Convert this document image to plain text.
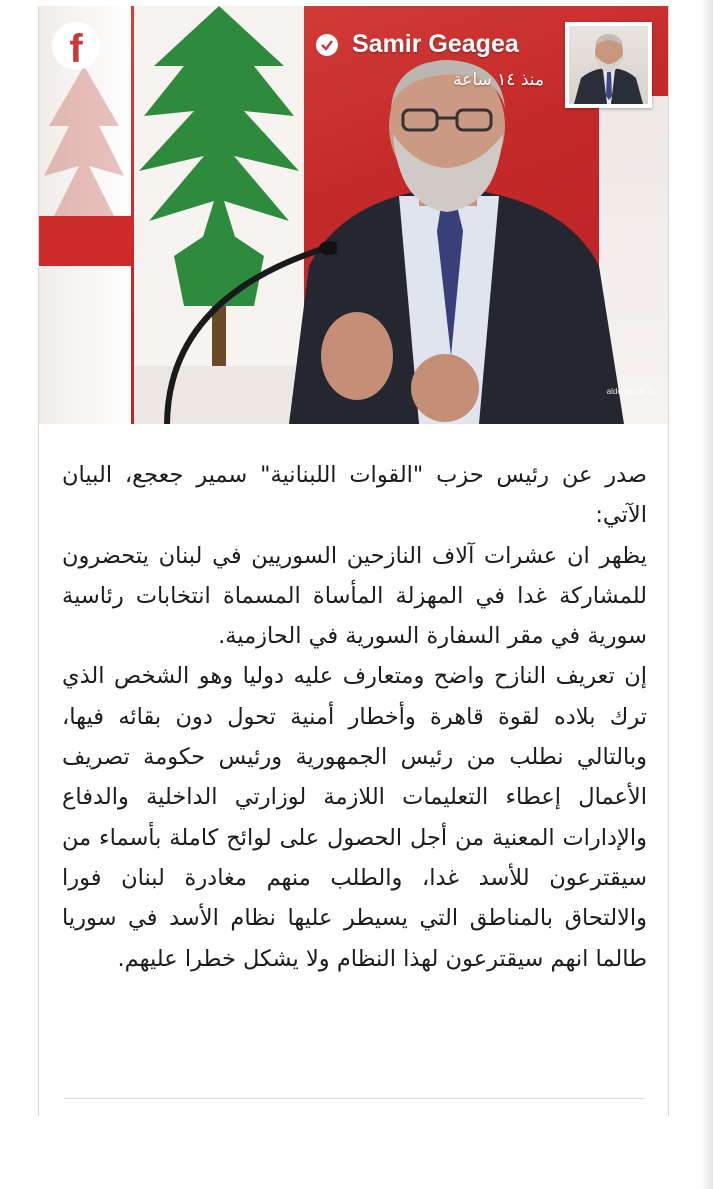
aldo ayoub ©
f	Samir Geagea
منذ ١٤ ساعة

صدر عن رئيس حزب "القوات اللبنانية" سمير جعجع، البيان الآتي:

يظهر ان عشرات آلاف النازحين السوريين في لبنان يتحضرون للمشاركة غدا في المهزلة المأساة المسماة انتخابات رئاسية سورية في مقر السفارة السورية في الحازمية.

إن تعريف النازح واضح ومتعارف عليه دوليا وهو الشخص الذي ترك بلاده لقوة قاهرة وأخطار أمنية تحول دون بقائه فيها، وبالتالي نطلب من رئيس الجمهورية ورئيس حكومة تصريف الأعمال إعطاء التعليمات اللازمة لوزارتي الداخلية والدفاع والإدارات المعنية من أجل الحصول على لوائح كاملة بأسماء من سيقترعون للأسد غدا، والطلب منهم مغادرة لبنان فورا والالتحاق بالمناطق التي يسيطر عليها نظام الأسد في سوريا طالما انهم سيقترعون لهذا النظام ولا يشكل خطرا عليهم.
